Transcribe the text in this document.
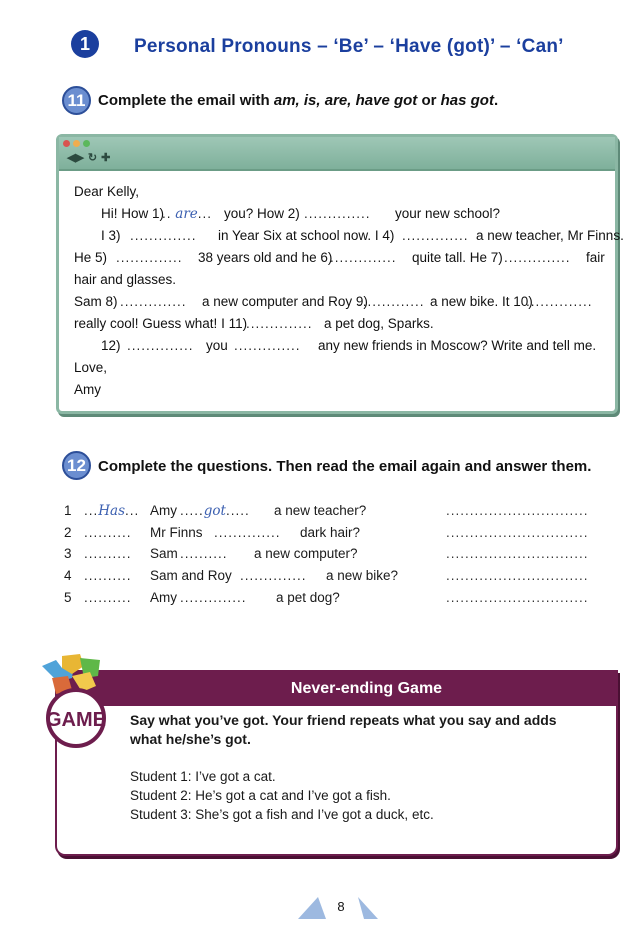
1	Personal Pronouns – ‘Be’ – ‘Have (got)’ – ‘Can’
11 Complete the email with am, is, are, have got or has got.
◀▶ ↻ ✚
Dear Kelly,
Hi! How 1)
.. are... you? How 2) .............. your new school?
I 3) .............. in Year Six at school now. I 4) .............. a new teacher, Mr Finns.
He 5) .............. 38 years old and he 6)
.............. quite tall. He 7) .............. fair
hair and glasses.
Sam 8) .............. a new computer and Roy 9)
.............. a new bike. It 10)
..............
really cool! Guess what! I 11)
.............. a pet dog, Sparks.
12) .............. you .............. any new friends in Moscow? Write and tell me.
Love,
Amy
12 Complete the questions. Then read the email again and answer them.
1 ...Has... Amy .....got..... a new teacher?	..............................
2 .......... Mr Finns .............. dark hair?	..............................
3 .......... Sam .......... a new computer?	..............................
4 .......... Sam and Roy .............. a new bike?	..............................
5 .......... Amy .............. a pet dog?	..............................
Never-ending Game
GAME Say what you’ve got. Your friend repeats what you say and adds
what he/she’s got.
Student 1: I’ve got a cat.
Student 2: He’s got a cat and I’ve got a fish.
Student 3: She’s got a fish and I’ve got a duck, etc.
8
